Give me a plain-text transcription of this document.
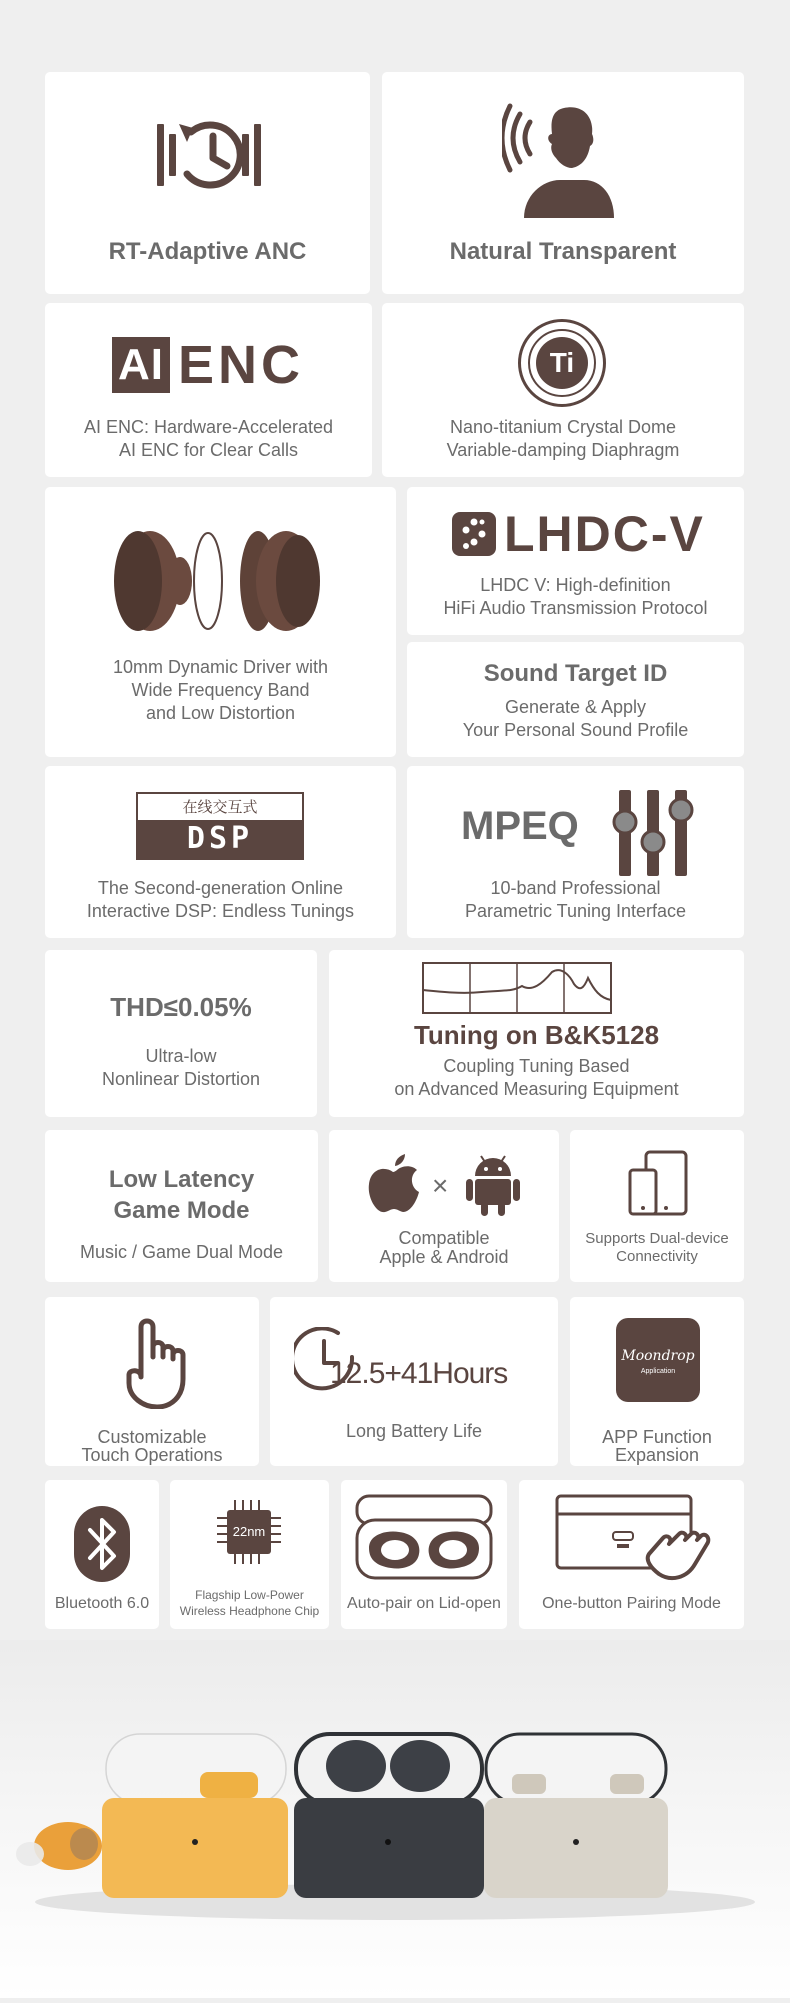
RT-Adaptive ANC	Natural Transparent
AI ENC
AI ENC: Hardware-Accelerated
AI ENC for Clear Calls
Ti
Nano-titanium Crystal Dome
Variable-damping Diaphragm
10mm Dynamic Driver with
Wide Frequency Band
and Low Distortion
LHDC-V
LHDC V: High-definition
HiFi Audio Transmission Protocol
Sound Target ID
Generate & Apply
Your Personal Sound Profile
在线交互式
DSP
The Second-generation Online
Interactive DSP: Endless Tunings
MPEQ
10-band Professional
Parametric Tuning Interface
THD≤0.05%
Ultra-low
Nonlinear Distortion
Tuning on B&K5128
Coupling Tuning Based
on Advanced Measuring Equipment
Low Latency
Game Mode
Music / Game Dual Mode
×
Compatible
Apple & Android
Supports Dual-device
Connectivity
Customizable
Touch Operations
12.5+41Hours
Long Battery Life
Moondrop
Application
APP Function
Expansion
Bluetooth 6.0
22nm
Flagship Low-Power
Wireless Headphone Chip	Auto-pair on Lid-open	One-button Pairing Mode
